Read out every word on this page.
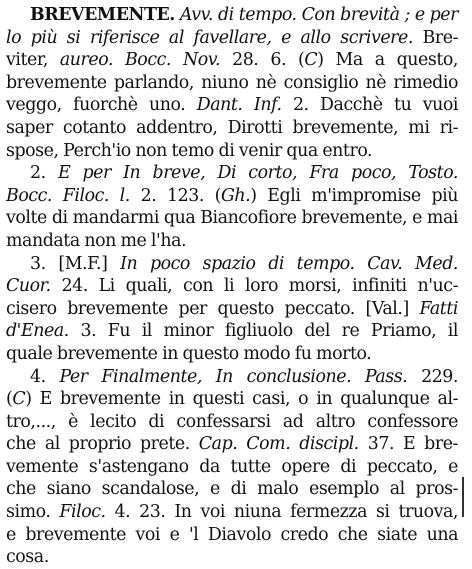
BREVEMENTE. Avv. di tempo. Con brevità ; e per
lo più si riferisce al favellare, e allo scrivere. Bre-
viter, aureo. Bocc. Nov. 28. 6. (C) Ma a questo,
brevemente parlando, niuno nè consiglio nè rimedio
veggo, fuorchè uno. Dant. Inf. 2. Dacchè tu vuoi
saper cotanto addentro, Dirotti brevemente, mi ri-
spose, Perch'io non temo di venir qua entro.
2. E per In breve, Di corto, Fra poco, Tosto.
Bocc. Filoc. l. 2. 123. (Gh.) Egli m'impromise più
volte di mandarmi qua Biancofiore brevemente, e mai
mandata non me l'ha.
3. [M.F.] In poco spazio di tempo. Cav. Med.
Cuor. 24. Li quali, con li loro morsi, infiniti n'uc-
cisero brevemente per questo peccato. [Val.] Fatti
d'Enea. 3. Fu il minor figliuolo del re Priamo, il
quale brevemente in questo modo fu morto.
4. Per Finalmente, In conclusione. Pass. 229.
(C) E brevemente in questi casi, o in qualunque al-
tro,..., è lecito di confessarsi ad altro confessore
che al proprio prete. Cap. Com. discipl. 37. E bre-
vemente s'astengano da tutte opere di peccato, e
che siano scandalose, e di malo esemplo al pros-
simo. Filoc. 4. 23. In voi niuna fermezza si truova,
e brevemente voi e 'l Diavolo credo che siate una
cosa.
